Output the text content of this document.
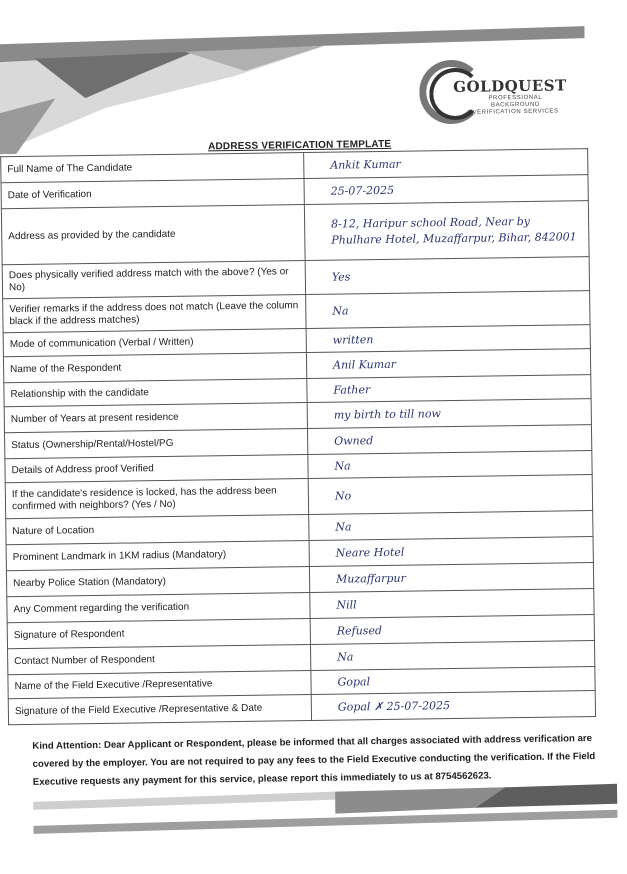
GOLDQUEST
PROFESSIONAL BACKGROUND
VERIFICATION SERVICES
ADDRESS VERIFICATION TEMPLATE
Full Name of The Candidate	Ankit Kumar
Date of Verification	25-07-2025
Address as provided by the candidate	8-12, Haripur school Road, Near by Phulhare Hotel, Muzaffarpur, Bihar, 842001
Does physically verified address match with the above? (Yes or No)	Yes
Verifier remarks if the address does not match (Leave the column black if the address matches)	Na
Mode of communication (Verbal / Written)	written
Name of the Respondent	Anil Kumar
Relationship with the candidate	Father
Number of Years at present residence	my birth to till now
Status (Ownership/Rental/Hostel/PG	Owned
Details of Address proof Verified	Na
If the candidate's residence is locked, has the address been confirmed with neighbors? (Yes / No)	No
Nature of Location	Na
Prominent Landmark in 1KM radius (Mandatory)	Neare Hotel
Nearby Police Station (Mandatory)	Muzaffarpur
Any Comment regarding the verification	Nill
Signature of Respondent	Refused
Contact Number of Respondent	Na
Name of the Field Executive /Representative	Gopal
Signature of the Field Executive /Representative & Date	Gopal ✗ 25-07-2025
Kind Attention: Dear Applicant or Respondent, please be informed that all charges associated with address verification are covered by the employer. You are not required to pay any fees to the Field Executive conducting the verification. If the Field Executive requests any payment for this service, please report this immediately to us at 8754562623.
